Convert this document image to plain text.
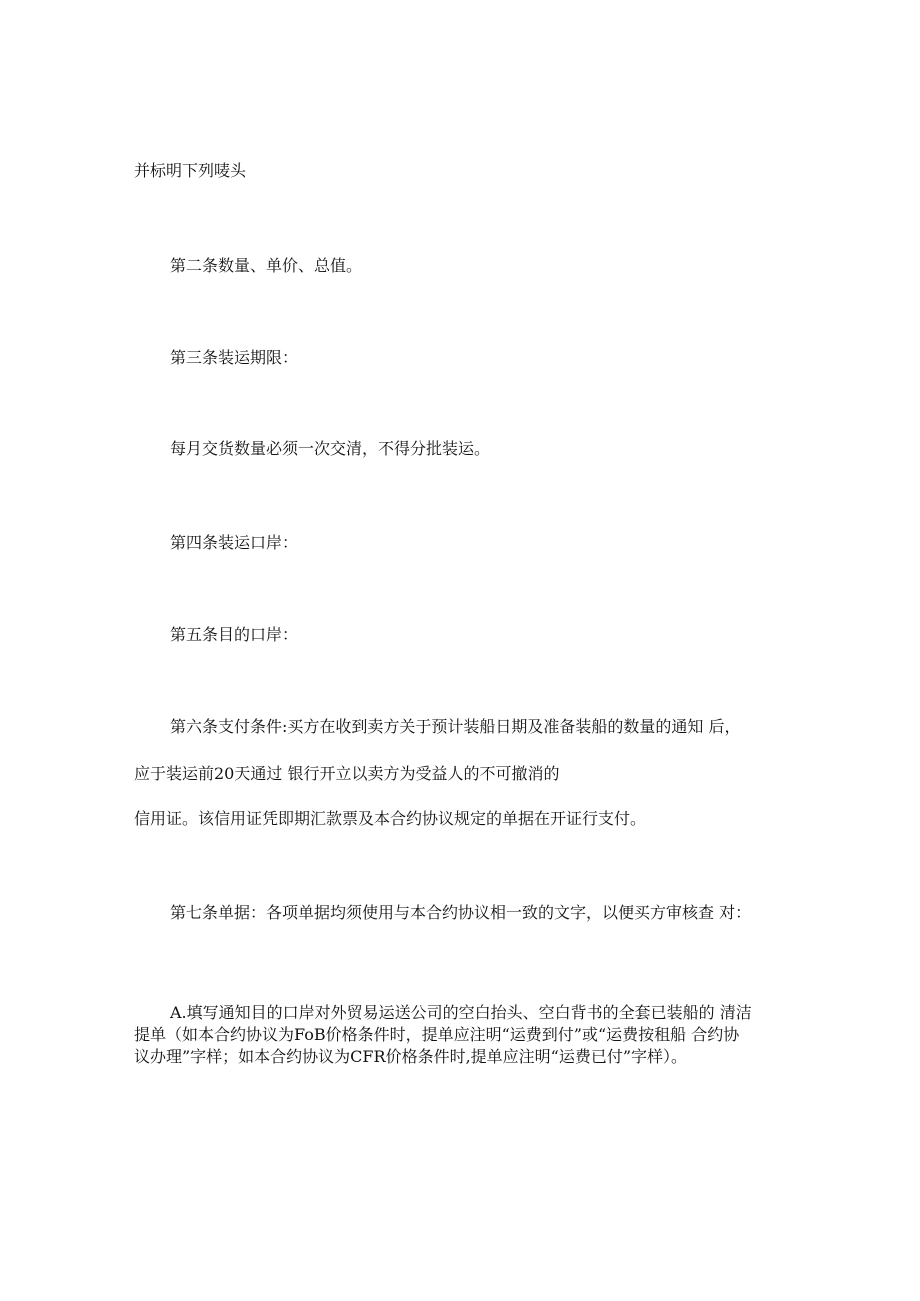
并标明下列唛头

第二条数量、单价、总值。

第三条装运期限：

每月交货数量必须一次交清，不得分批装运。

第四条装运口岸：

第五条目的口岸：

第六条支付条件:买方在收到卖方关于预计装船日期及准备装船的数量的通知 后，

应于装运前20天通过 银行开立以卖方为受益人的不可撤消的

信用证。该信用证凭即期汇款票及本合约协议规定的单据在开证行支付。

第七条单据：各项单据均须使用与本合约协议相一致的文字，以便买方审核查 对：

A.填写通知目的口岸对外贸易运送公司的空白抬头、空白背书的全套已装船的 清洁

提单（如本合约协议为FoB价格条件时，提单应注明“运费到付”或“运费按租船 合约协

议办理”字样；如本合约协议为CFR价格条件时,提单应注明“运费已付”字样）。
